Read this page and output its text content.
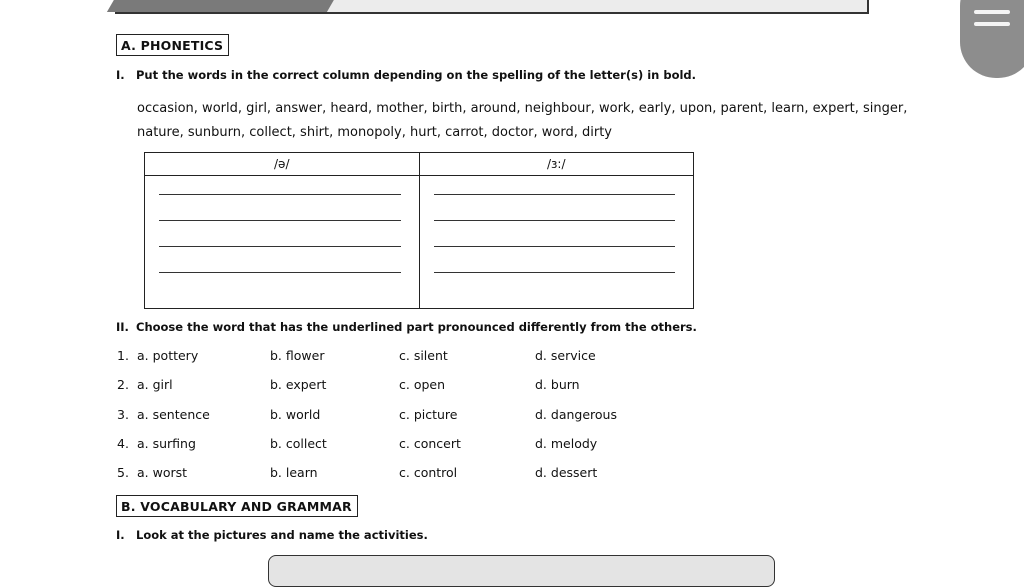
A. PHONETICS
I. Put the words in the correct column depending on the spelling of the letter(s) in bold.
occasion, world, girl, answer, heard, mother, birth, around, neighbour, work, early, upon, parent, learn, expert, singer,
nature, sunburn, collect, shirt, monopoly, hurt, carrot, doctor, word, dirty
/ə/	/ɜ:/

II. Choose the word that has the underlined part pronounced differently from the others.
1. a. pottery	b. flower	c. silent	d. service
2. a. girl	b. expert	c. open	d. burn
3. a. sentence	b. world	c. picture	d. dangerous
4. a. surfing	b. collect	c. concert	d. melody
5. a. worst	b. learn	c. control	d. dessert
B. VOCABULARY AND GRAMMAR
I. Look at the pictures and name the activities.
